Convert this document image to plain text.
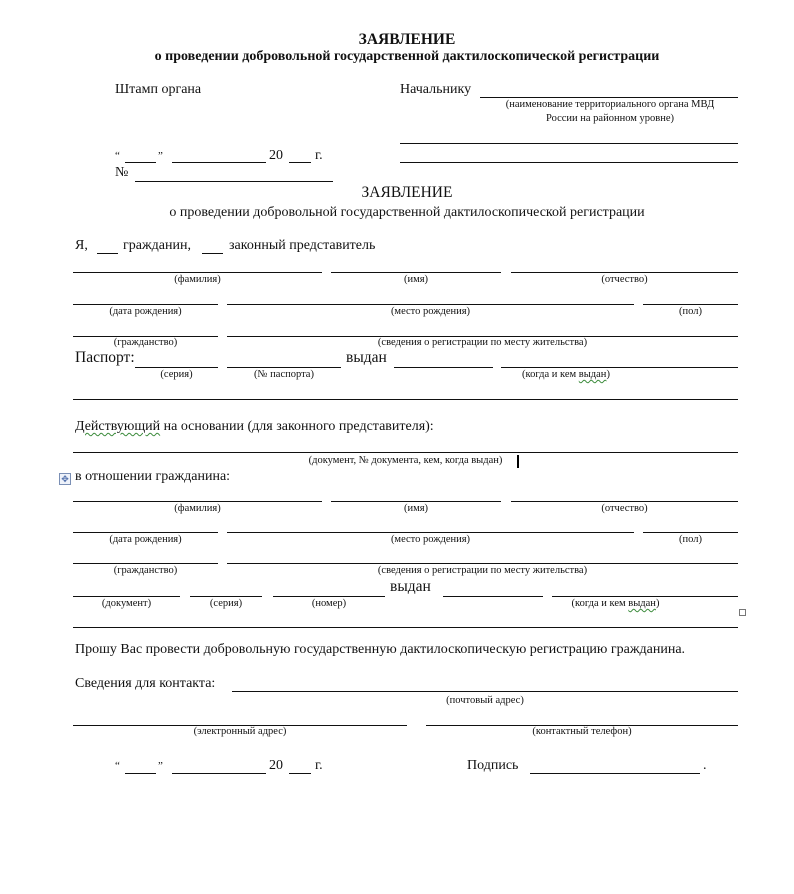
ЗАЯВЛЕНИЕ
о проведении добровольной государственной дактилоскопической регистрации
Штамп органа	Начальнику
(наименование территориального органа МВД
России на районном уровне)
“	”	20 г.
№
ЗАЯВЛЕНИЕ
о проведении добровольной государственной дактилоскопической регистрации
Я,	гражданин,	законный представитель
(фамилия)	(имя)	(отчество)
(дата рождения)	(место рождения)	(пол)
(гражданство)	(сведения о регистрации по месту жительства)
Паспорт:	выдан
(серия)	(№ паспорта)	(когда и кем выдан)
Действующий на основании (для законного представителя):
(документ, № документа, кем, когда выдан)
✥ в отношении гражданина:
(фамилия)	(имя)	(отчество)
(дата рождения)	(место рождения)	(пол)
(гражданство)	(сведения о регистрации по месту жительства)
выдан
(документ)	(серия)	(номер)	(когда и кем выдан)
Прошу Вас провести добровольную государственную дактилоскопическую регистрацию гражданина.
Сведения для контакта:
(почтовый адрес)
(электронный адрес)	(контактный телефон)
“	”	20 г.	Подпись	.
